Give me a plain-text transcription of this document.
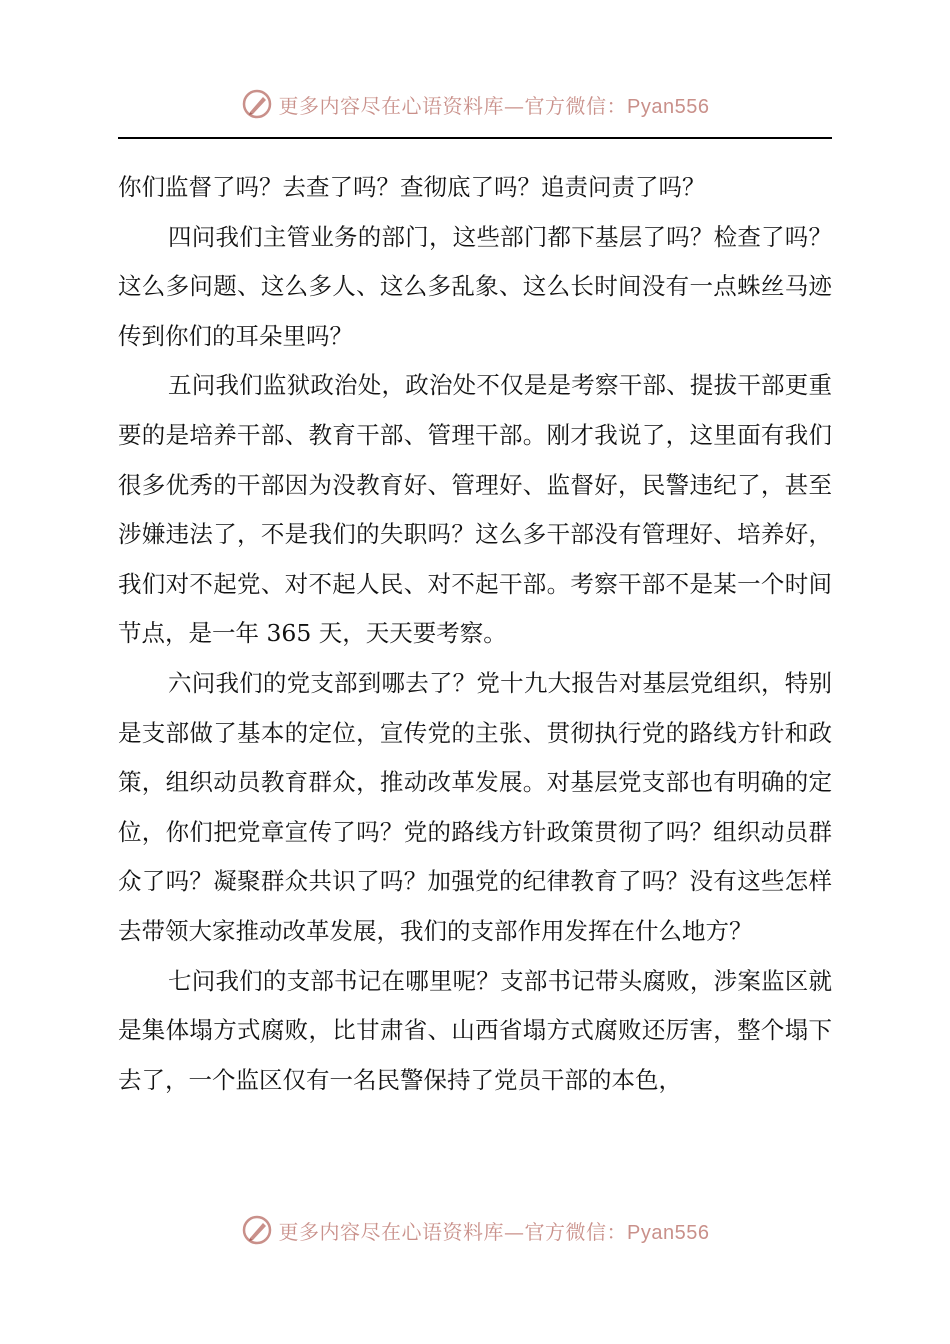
更多内容尽在心语资料库—官方微信：Pyan556

你们监督了吗？去查了吗？查彻底了吗？追责问责了吗？

四问我们主管业务的部门，这些部门都下基层了吗？检查了吗？这么多问题、这么多人、这么多乱象、这么长时间没有一点蛛丝马迹传到你们的耳朵里吗？

五问我们监狱政治处，政治处不仅是是考察干部、提拔干部更重要的是培养干部、教育干部、管理干部。刚才我说了，这里面有我们很多优秀的干部因为没教育好、管理好、监督好，民警违纪了，甚至涉嫌违法了，不是我们的失职吗？这么多干部没有管理好、培养好，我们对不起党、对不起人民、对不起干部。考察干部不是某一个时间节点，是一年 365 天，天天要考察。

六问我们的党支部到哪去了？党十九大报告对基层党组织，特别是支部做了基本的定位，宣传党的主张、贯彻执行党的路线方针和政策，组织动员教育群众，推动改革发展。对基层党支部也有明确的定位，你们把党章宣传了吗？党的路线方针政策贯彻了吗？组织动员群众了吗？凝聚群众共识了吗？加强党的纪律教育了吗？没有这些怎样去带领大家推动改革发展，我们的支部作用发挥在什么地方？

七问我们的支部书记在哪里呢？支部书记带头腐败，涉案监区就是集体塌方式腐败，比甘肃省、山西省塌方式腐败还厉害，整个塌下去了，一个监区仅有一名民警保持了党员干部的本色，

更多内容尽在心语资料库—官方微信：Pyan556
